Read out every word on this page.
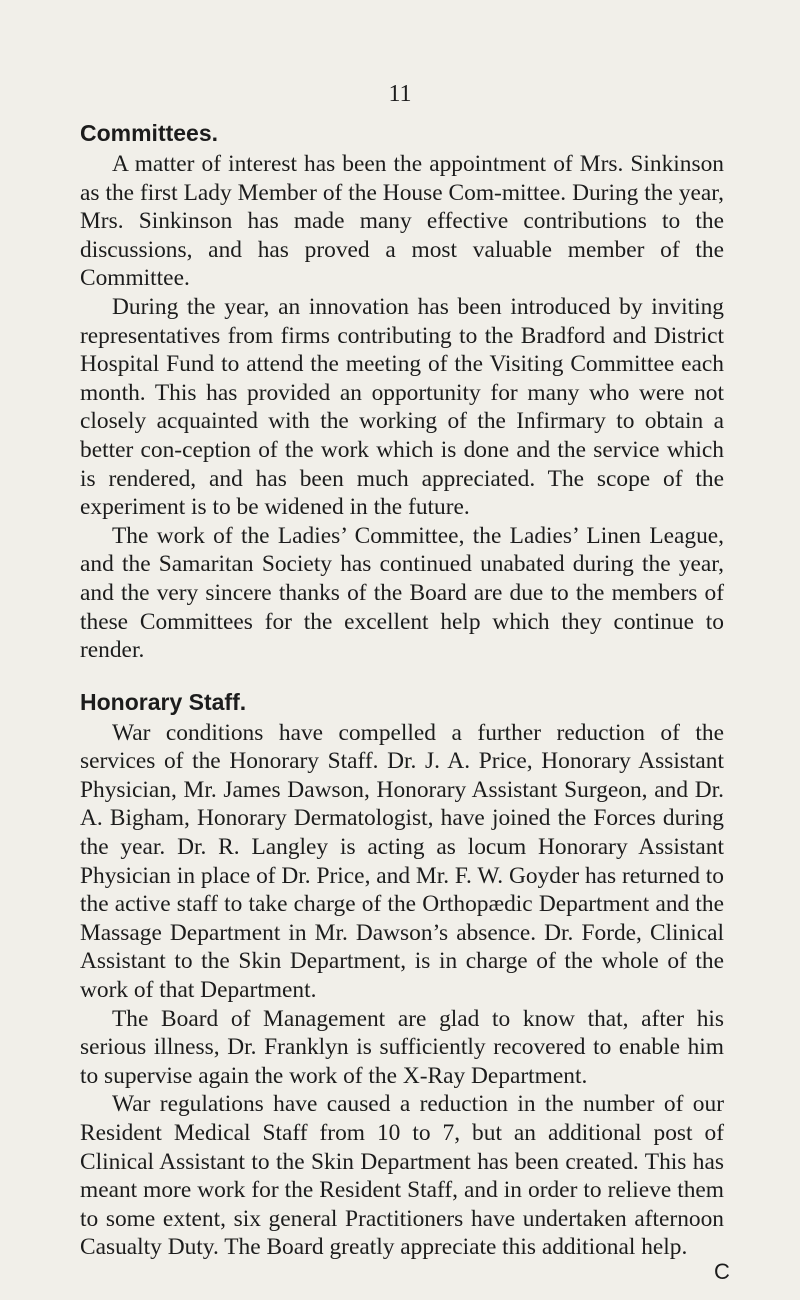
11
Committees.

A matter of interest has been the appointment of Mrs. Sinkinson as the first Lady Member of the House Com-mittee. During the year, Mrs. Sinkinson has made many effective contributions to the discussions, and has proved a most valuable member of the Committee.

During the year, an innovation has been introduced by inviting representatives from firms contributing to the Bradford and District Hospital Fund to attend the meeting of the Visiting Committee each month. This has provided an opportunity for many who were not closely acquainted with the working of the Infirmary to obtain a better con-ception of the work which is done and the service which is rendered, and has been much appreciated. The scope of the experiment is to be widened in the future.

The work of the Ladies’ Committee, the Ladies’ Linen League, and the Samaritan Society has continued unabated during the year, and the very sincere thanks of the Board are due to the members of these Committees for the excellent help which they continue to render.

Honorary Staff.

War conditions have compelled a further reduction of the services of the Honorary Staff. Dr. J. A. Price, Honorary Assistant Physician, Mr. James Dawson, Honorary Assistant Surgeon, and Dr. A. Bigham, Honorary Dermatologist, have joined the Forces during the year. Dr. R. Langley is acting as locum Honorary Assistant Physician in place of Dr. Price, and Mr. F. W. Goyder has returned to the active staff to take charge of the Orthopædic Department and the Massage Department in Mr. Dawson’s absence. Dr. Forde, Clinical Assistant to the Skin Department, is in charge of the whole of the work of that Department.

The Board of Management are glad to know that, after his serious illness, Dr. Franklyn is sufficiently recovered to enable him to supervise again the work of the X-Ray Department.

War regulations have caused a reduction in the number of our Resident Medical Staff from 10 to 7, but an additional post of Clinical Assistant to the Skin Department has been created. This has meant more work for the Resident Staff, and in order to relieve them to some extent, six general Practitioners have undertaken afternoon Casualty Duty. The Board greatly appreciate this additional help.

C
